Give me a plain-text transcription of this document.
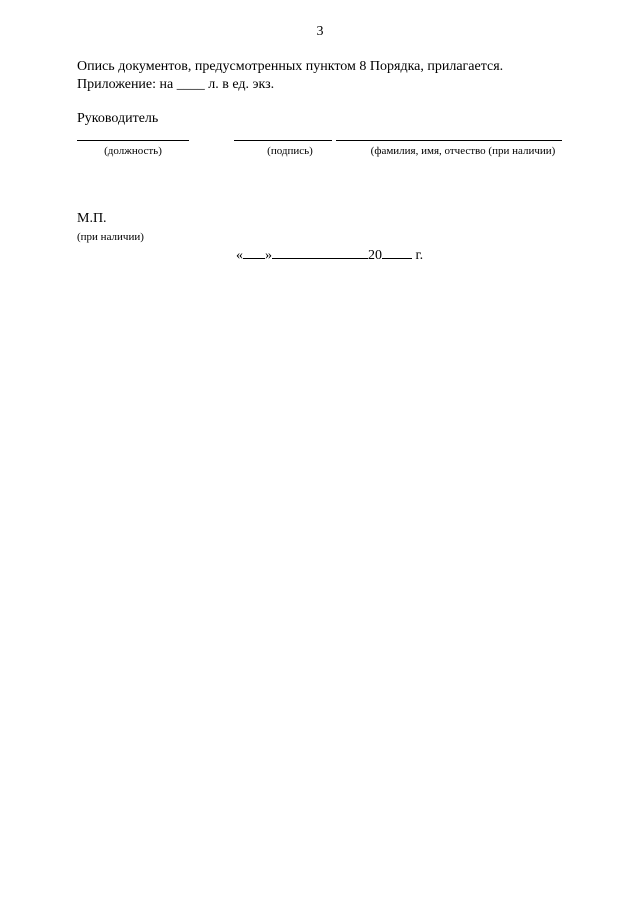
3
Опись документов, предусмотренных пунктом 8 Порядка, прилагается.
Приложение: на ____ л. в ед. экз.
Руководитель
(должность)	(подпись)	(фамилия, имя, отчество (при наличии)
М.П.
(при наличии)
« »	20 г.
